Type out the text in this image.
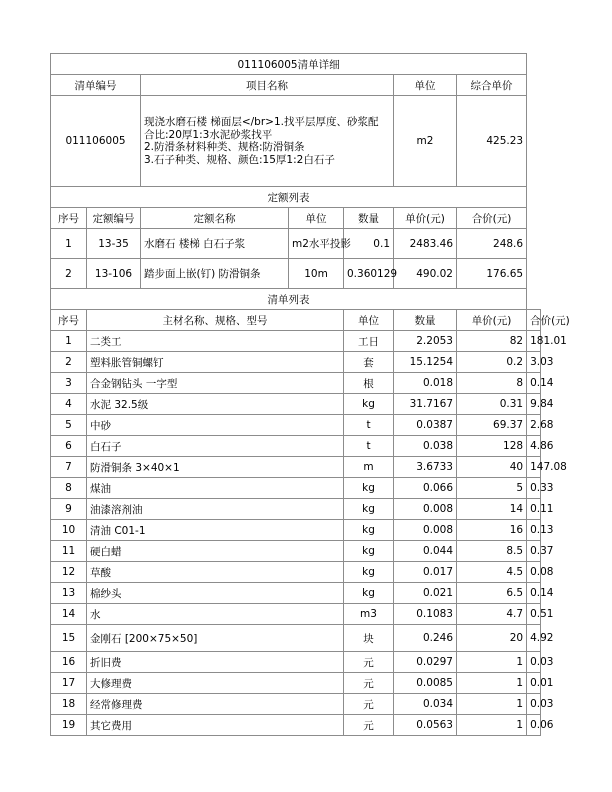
011106005清单详细							
清单编号		项目名称			单位	综合单价	
011106005		现浇水磨石楼 梯面层</br>1.找平层厚度、砂浆配
合比:20厚1:3水泥砂浆找平
2.防滑条材料种类、规格:防滑铜条
3.石子种类、规格、颜色:15厚1:2白石子			m2	425.23	
定额列表							
序号	定额编号	定额名称	单位	数量	单价(元)	合价(元)	
1	13-35	水磨石 楼梯 白石子浆	m2水平投影	0.1	2483.46	248.6	
2	13-106	踏步面上嵌(钉) 防滑铜条	10m	0.360129	490.02	176.65	
清单列表							
序号	主材名称、规格、型号			单位	数量	单价(元)	合价(元)
1	二类工			工日	2.2053	82	181.01
2	塑料胀管铜螺钉			套	15.1254	0.2	3.03
3	合金钢钻头 一字型			根	0.018	8	0.14
4	水泥 32.5级			kg	31.7167	0.31	9.84
5	中砂			t	0.0387	69.37	2.68
6	白石子			t	0.038	128	4.86
7	防滑铜条 3×40×1			m	3.6733	40	147.08
8	煤油			kg	0.066	5	0.33
9	油漆溶剂油			kg	0.008	14	0.11
10	清油 C01-1			kg	0.008	16	0.13
11	硬白蜡			kg	0.044	8.5	0.37
12	草酸			kg	0.017	4.5	0.08
13	棉纱头			kg	0.021	6.5	0.14
14	水			m3	0.1083	4.7	0.51
15	金刚石 [200×75×50]			块	0.246	20	4.92
16	折旧费			元	0.0297	1	0.03
17	大修理费			元	0.0085	1	0.01
18	经常修理费			元	0.034	1	0.03
19	其它费用			元	0.0563	1	0.06
